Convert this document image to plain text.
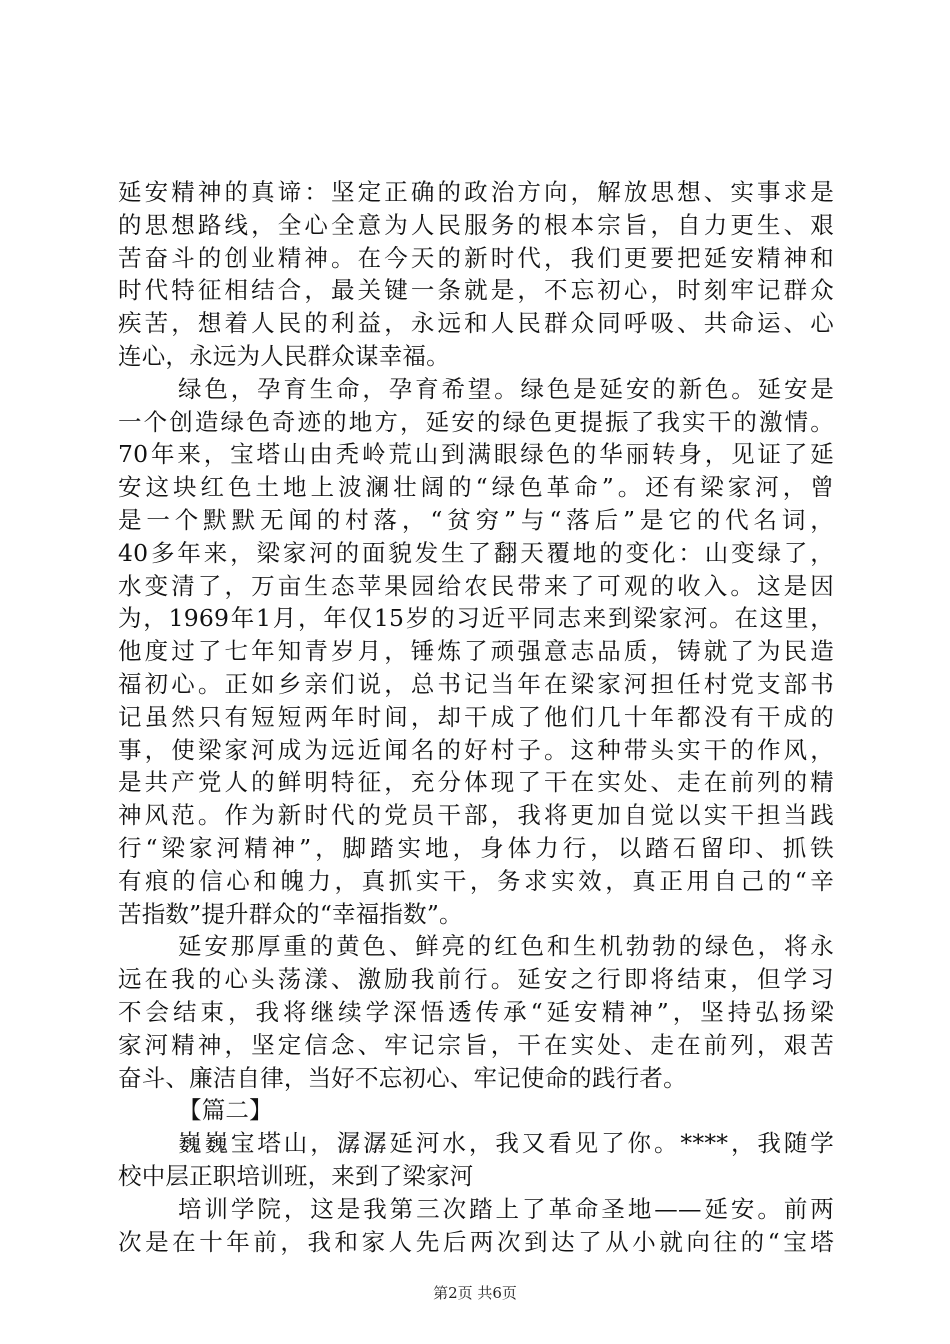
延安精神的真谛：坚定正确的政治方向，解放思想、实事求是
的思想路线，全心全意为人民服务的根本宗旨，自力更生、艰
苦奋斗的创业精神。在今天的新时代，我们更要把延安精神和
时代特征相结合，最关键一条就是，不忘初心，时刻牢记群众
疾苦，想着人民的利益，永远和人民群众同呼吸、共命运、心
连心，永远为人民群众谋幸福。
绿色，孕育生命，孕育希望。绿色是延安的新色。延安是
一个创造绿色奇迹的地方，延安的绿色更提振了我实干的激情。
70年来，宝塔山由秃岭荒山到满眼绿色的华丽转身，见证了延
安这块红色土地上波澜壮阔的“绿色革命”。还有梁家河，曾
是一个默默无闻的村落，“贫穷”与“落后”是它的代名词，
40多年来，梁家河的面貌发生了翻天覆地的变化：山变绿了，
水变清了，万亩生态苹果园给农民带来了可观的收入。这是因
为，1969年1月，年仅15岁的习近平同志来到梁家河。在这里，
他度过了七年知青岁月，锤炼了顽强意志品质，铸就了为民造
福初心。正如乡亲们说，总书记当年在梁家河担任村党支部书
记虽然只有短短两年时间，却干成了他们几十年都没有干成的
事，使梁家河成为远近闻名的好村子。这种带头实干的作风，
是共产党人的鲜明特征，充分体现了干在实处、走在前列的精
神风范。作为新时代的党员干部，我将更加自觉以实干担当践
行“梁家河精神”，脚踏实地，身体力行，以踏石留印、抓铁
有痕的信心和魄力，真抓实干，务求实效，真正用自己的“辛
苦指数”提升群众的“幸福指数”。
延安那厚重的黄色、鲜亮的红色和生机勃勃的绿色，将永
远在我的心头荡漾、激励我前行。延安之行即将结束，但学习
不会结束，我将继续学深悟透传承“延安精神”，坚持弘扬梁
家河精神，坚定信念、牢记宗旨，干在实处、走在前列，艰苦
奋斗、廉洁自律，当好不忘初心、牢记使命的践行者。
【篇二】
巍巍宝塔山，潺潺延河水，我又看见了你。****，我随学
校中层正职培训班，来到了梁家河
培训学院，这是我第三次踏上了革命圣地——延安。前两
次是在十年前，我和家人先后两次到达了从小就向往的“宝塔
第2页 共6页
